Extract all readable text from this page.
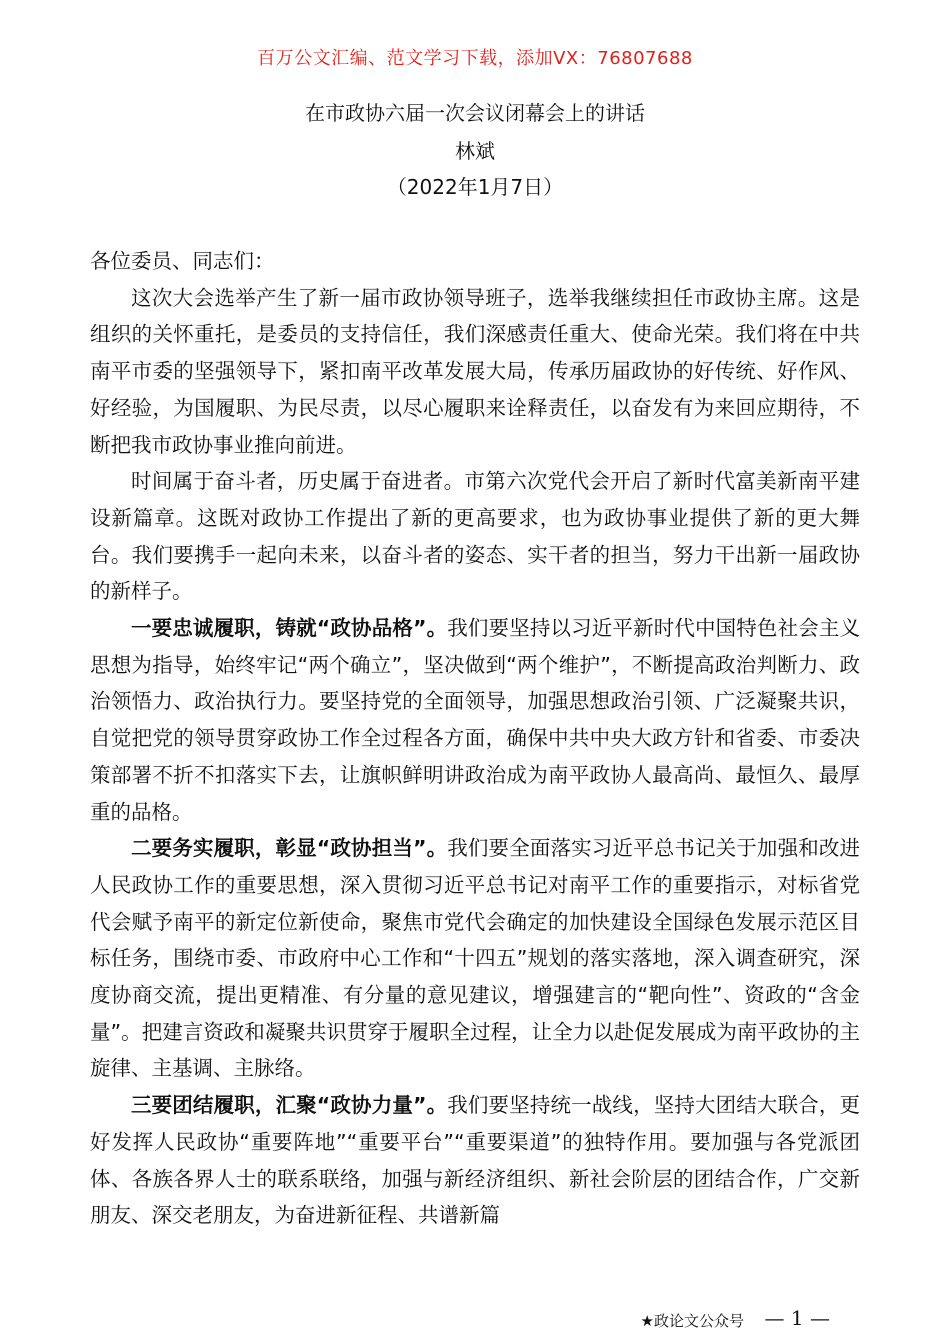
百万公文汇编、范文学习下载，添加VX：76807688
在市政协六届一次会议闭幕会上的讲话
林斌
（2022年1月7日）

各位委员、同志们：

这次大会选举产生了新一届市政协领导班子，选举我继续担任市政协主席。这是组织的关怀重托，是委员的支持信任，我们深感责任重大、使命光荣。我们将在中共南平市委的坚强领导下，紧扣南平改革发展大局，传承历届政协的好传统、好作风、好经验，为国履职、为民尽责，以尽心履职来诠释责任，以奋发有为来回应期待，不断把我市政协事业推向前进。

时间属于奋斗者，历史属于奋进者。市第六次党代会开启了新时代富美新南平建设新篇章。这既对政协工作提出了新的更高要求，也为政协事业提供了新的更大舞台。我们要携手一起向未来，以奋斗者的姿态、实干者的担当，努力干出新一届政协的新样子。

一要忠诚履职，铸就“政协品格”。我们要坚持以习近平新时代中国特色社会主义思想为指导，始终牢记“两个确立”，坚决做到“两个维护”，不断提高政治判断力、政治领悟力、政治执行力。要坚持党的全面领导，加强思想政治引领、广泛凝聚共识，自觉把党的领导贯穿政协工作全过程各方面，确保中共中央大政方针和省委、市委决策部署不折不扣落实下去，让旗帜鲜明讲政治成为南平政协人最高尚、最恒久、最厚重的品格。

二要务实履职，彰显“政协担当”。我们要全面落实习近平总书记关于加强和改进人民政协工作的重要思想，深入贯彻习近平总书记对南平工作的重要指示，对标省党代会赋予南平的新定位新使命，聚焦市党代会确定的加快建设全国绿色发展示范区目标任务，围绕市委、市政府中心工作和“十四五”规划的落实落地，深入调查研究，深度协商交流，提出更精准、有分量的意见建议，增强建言的“靶向性”、资政的“含金量”。把建言资政和凝聚共识贯穿于履职全过程，让全力以赴促发展成为南平政协的主旋律、主基调、主脉络。

三要团结履职，汇聚“政协力量”。我们要坚持统一战线，坚持大团结大联合，更好发挥人民政协“重要阵地”“重要平台”“重要渠道”的独特作用。要加强与各党派团体、各族各界人士的联系联络，加强与新经济组织、新社会阶层的团结合作，广交新朋友、深交老朋友，为奋进新征程、共谱新篇

★政论文公众号 — 1 —
